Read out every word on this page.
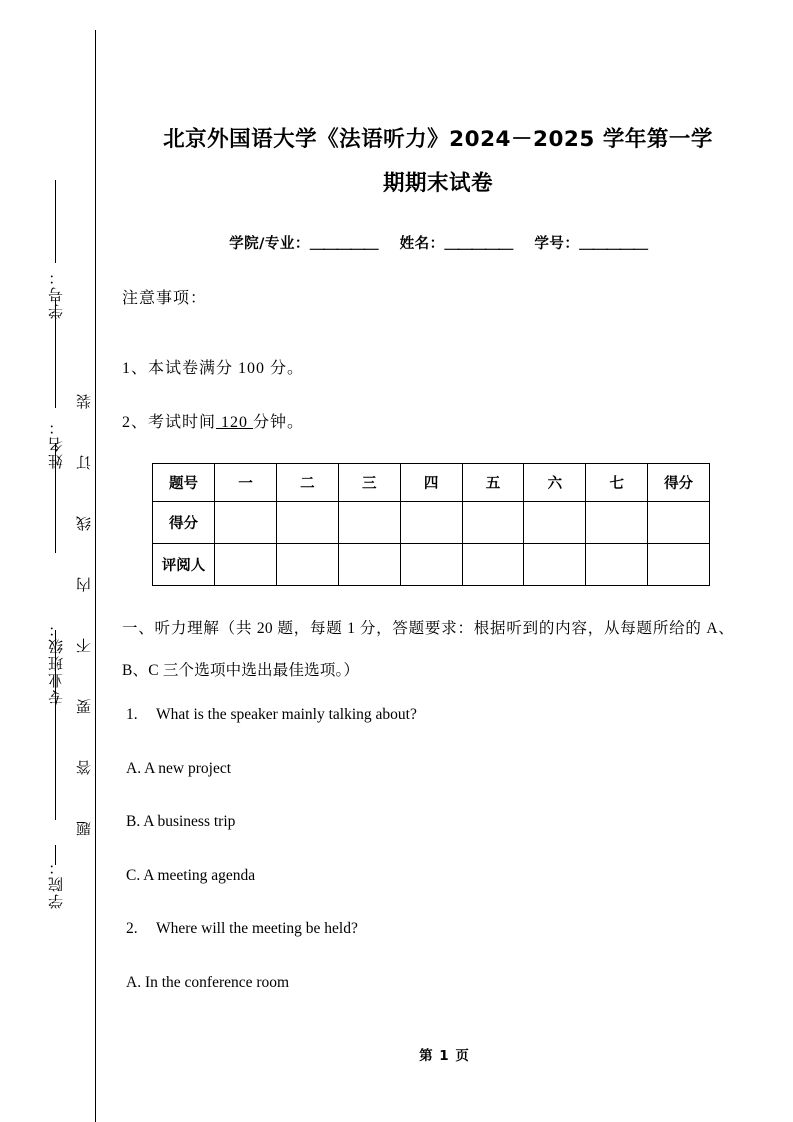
学号：
姓名：
专业班级：
学院：
题答要不内线订装
北京外国语大学《法语听力》2024－2025 学年第一学
期期末试卷
学院/专业：＿＿＿＿＿ 姓名：＿＿＿＿＿ 学号：＿＿＿＿＿
注意事项：
1、本试卷满分 100 分。
2、考试时间 120 分钟。
题号	一	二	三	四	五	六	七	得分
得分								
评阅人								
一、听力理解（共 20 题，每题 1 分，答题要求：根据听到的内容，从每题所给的 A、B、C 三个选项中选出最佳选项。）
1. What is the speaker mainly talking about?
A. A new project
B. A business trip
C. A meeting agenda
2. Where will the meeting be held?
A. In the conference room
第 1 页
